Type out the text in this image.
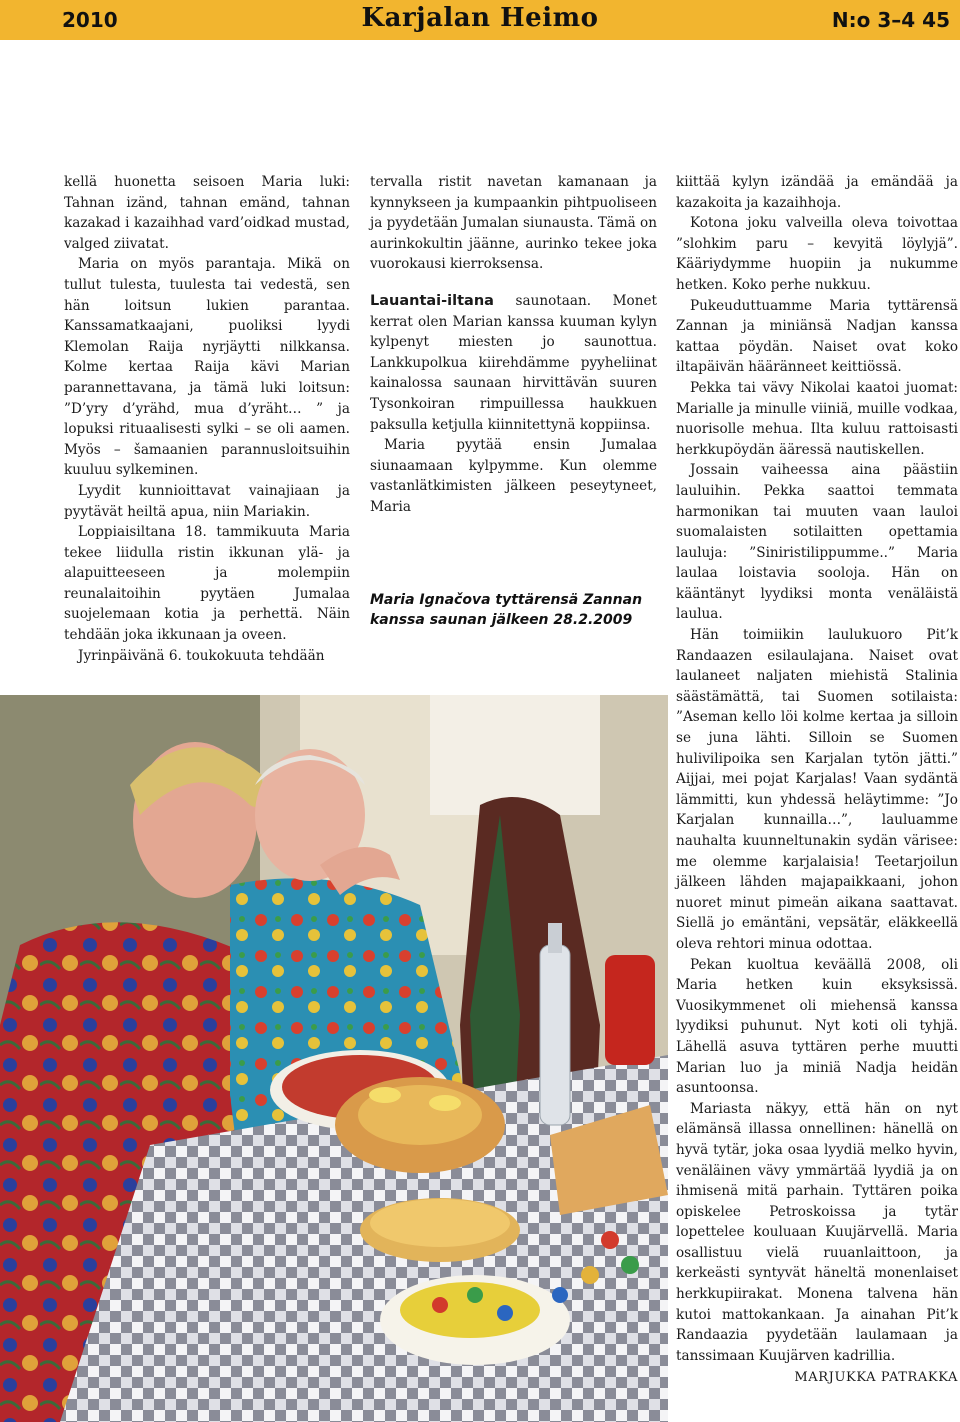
2010	Karjalan Heimo	N:o 3–4 45

kellä huonetta seisoen Maria luki: Tahnan izänd, tahnan emänd, tahnan kazakad i kazaihhad vard’oidkad mustad, valged ziivatat.

Maria on myös parantaja. Mikä on tullut tulesta, tuulesta tai vedestä, sen hän loitsun lukien parantaa. Kanssamatkaajani, puoliksi lyydi Klemolan Raija nyrjäytti nilkkansa. Kolme kertaa Raija kävi Marian parannettavana, ja tämä luki loitsun: ”D’yry d’yrähd, mua d’yräht… ” ja lopuksi rituaalisesti sylki – se oli aamen. Myös – šamaanien parannusloitsuihin kuuluu sylkeminen.

Lyydit kunnioittavat vainajiaan ja pyytävät heiltä apua, niin Mariakin.

Loppiaisiltana 18. tammikuuta Maria tekee liidulla ristin ikkunan ylä- ja alapuitteeseen ja molempiin reunalaitoihin pyytäen Jumalaa suojelemaan kotia ja perhettä. Näin tehdään joka ikkunaan ja oveen.

Jyrinpäivänä 6. toukokuuta tehdään

tervalla ristit navetan kamanaan ja kynnykseen ja kumpaankin pihtpuoliseen ja pyydetään Jumalan siunausta. Tämä on aurinkokultin jäänne, aurinko tekee joka vuorokausi kierroksensa.

Lauantai-iltana saunotaan. Monet kerrat olen Marian kanssa kuuman kylyn kylpenyt miesten jo saunottua. Lankkupolkua kiirehdämme pyyheliinat kainalossa saunaan hirvittävän suuren Tysonkoiran rimpuillessa haukkuen paksulla ketjulla kiinnitettynä koppiinsa.

Maria pyytää ensin Jumalaa siunaamaan kylpymme. Kun olemme vastanlätkimisten jälkeen peseytyneet, Maria

Maria Ignačova tyttärensä Zannan kanssa saunan jälkeen 28.2.2009

kiittää kylyn izändää ja emändää ja kazakoita ja kazaihhoja.

Kotona joku valveilla oleva toivottaa ”slohkim paru – kevyitä löylyjä”. Kääriydymme huopiin ja nukumme hetken. Koko perhe nukkuu.

Pukeuduttuamme Maria tyttärensä Zannan ja miniänsä Nadjan kanssa kattaa pöydän. Naiset ovat koko iltapäivän hääränneet keittiössä.

Pekka tai vävy Nikolai kaatoi juomat: Marialle ja minulle viiniä, muille vodkaa, nuorisolle mehua. Ilta kuluu rattoisasti herkkupöydän ääressä nautiskellen.

Jossain vaiheessa aina päästiin lauluihin. Pekka saattoi temmata harmonikan tai muuten vaan lauloi suomalaisten sotilaitten opettamia lauluja: ”Siniristilippumme..” Maria laulaa loistavia sooloja. Hän on kääntänyt lyydiksi monta venäläistä laulua.

Hän toimiikin laulukuoro Pit’k Randaazen esilaulajana. Naiset ovat laulaneet naljaten miehistä Stalinia säästämättä, tai Suomen sotilaista: ”Aseman kello löi kolme kertaa ja silloin se juna lähti. Silloin se Suomen hulivilipoika sen Karjalan tytön jätti.” Aijjai, mei pojat Karjalas! Vaan sydäntä lämmitti, kun yhdessä heläytimme: ”Jo Karjalan kunnailla…”, lauluamme nauhalta kuunneltunakin sydän värisee: me olemme karjalaisia! Teetarjoilun jälkeen lähden majapaikkaani, johon nuoret minut pimeän aikana saattavat. Siellä jo emäntäni, vepsätär, eläkkeellä oleva rehtori minua odottaa.

Pekan kuoltua keväällä 2008, oli Maria hetken kuin eksyksissä. Vuosikymmenet oli miehensä kanssa lyydiksi puhunut. Nyt koti oli tyhjä. Lähellä asuva tyttären perhe muutti Marian luo ja miniä Nadja heidän asuntoonsa.

Mariasta näkyy, että hän on nyt elämänsä illassa onnellinen: hänellä on hyvä tytär, joka osaa lyydiä melko hyvin, venäläinen vävy ymmärtää lyydiä ja on ihmisenä mitä parhain. Tyttären poika opiskelee Petroskoissa ja tytär lopettelee kouluaan Kuujärvellä. Maria osallistuu vielä ruuanlaittoon, ja kerkeästi syntyvät häneltä monenlaiset herkkupiirakat. Monena talvena hän kutoi mattokankaan. Ja ainahan Pit’k Randaazia pyydetään laulamaan ja tanssimaan Kuujärven kadrillia.

MARJUKKA PATRAKKA
